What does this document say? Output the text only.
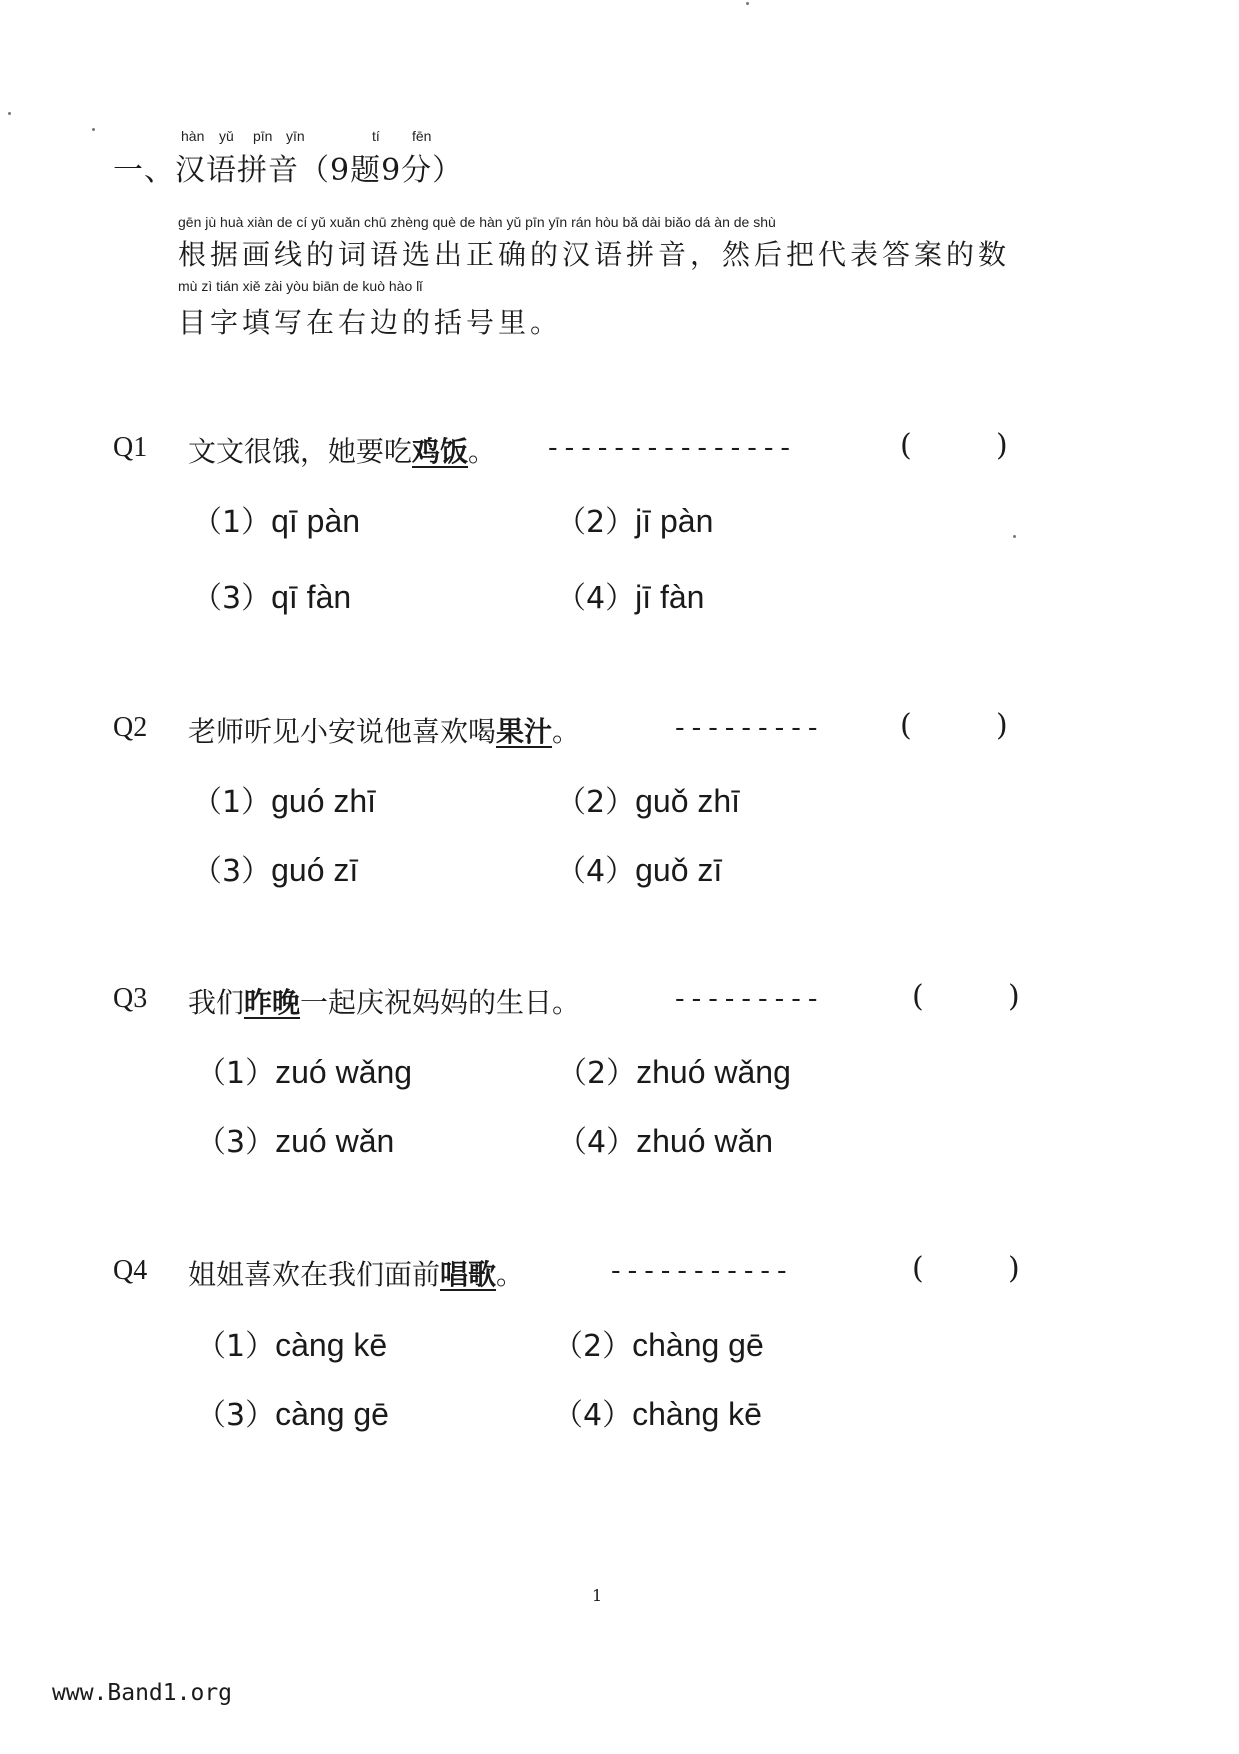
hàn yǔ pīn yīn	tí fēn
一、汉语拼音（9题9分）
gēn jù huà xiàn de cí yǔ xuǎn chū zhèng què de hàn yǔ pīn yīn rán hòu bǎ dài biǎo dá àn de shù
根据画线的词语选出正确的汉语拼音，然后把代表答案的数
mù zì tián xiě zài yòu biān de kuò hào lǐ
目字填写在右边的括号里。
Q1 文文很饿，她要吃鸡饭。 ---------------	(	)
（1）qī pàn	（2）jī pàn
（3）qī fàn	（4）jī fàn
Q2 老师听见小安说他喜欢喝果汁。	---------	(	)
（1）guó zhī	（2）guǒ zhī
（3）guó zī	（4）guǒ zī
Q3 我们昨晚一起庆祝妈妈的生日。	---------	(	)
（1）zuó wǎng	（2）zhuó wǎng
（3）zuó wǎn	（4）zhuó wǎn
Q4 姐姐喜欢在我们面前唱歌。	-----------	(	)
（1）càng kē	（2）chàng gē
（3）càng gē	（4）chàng kē
1
www.Band1.org
